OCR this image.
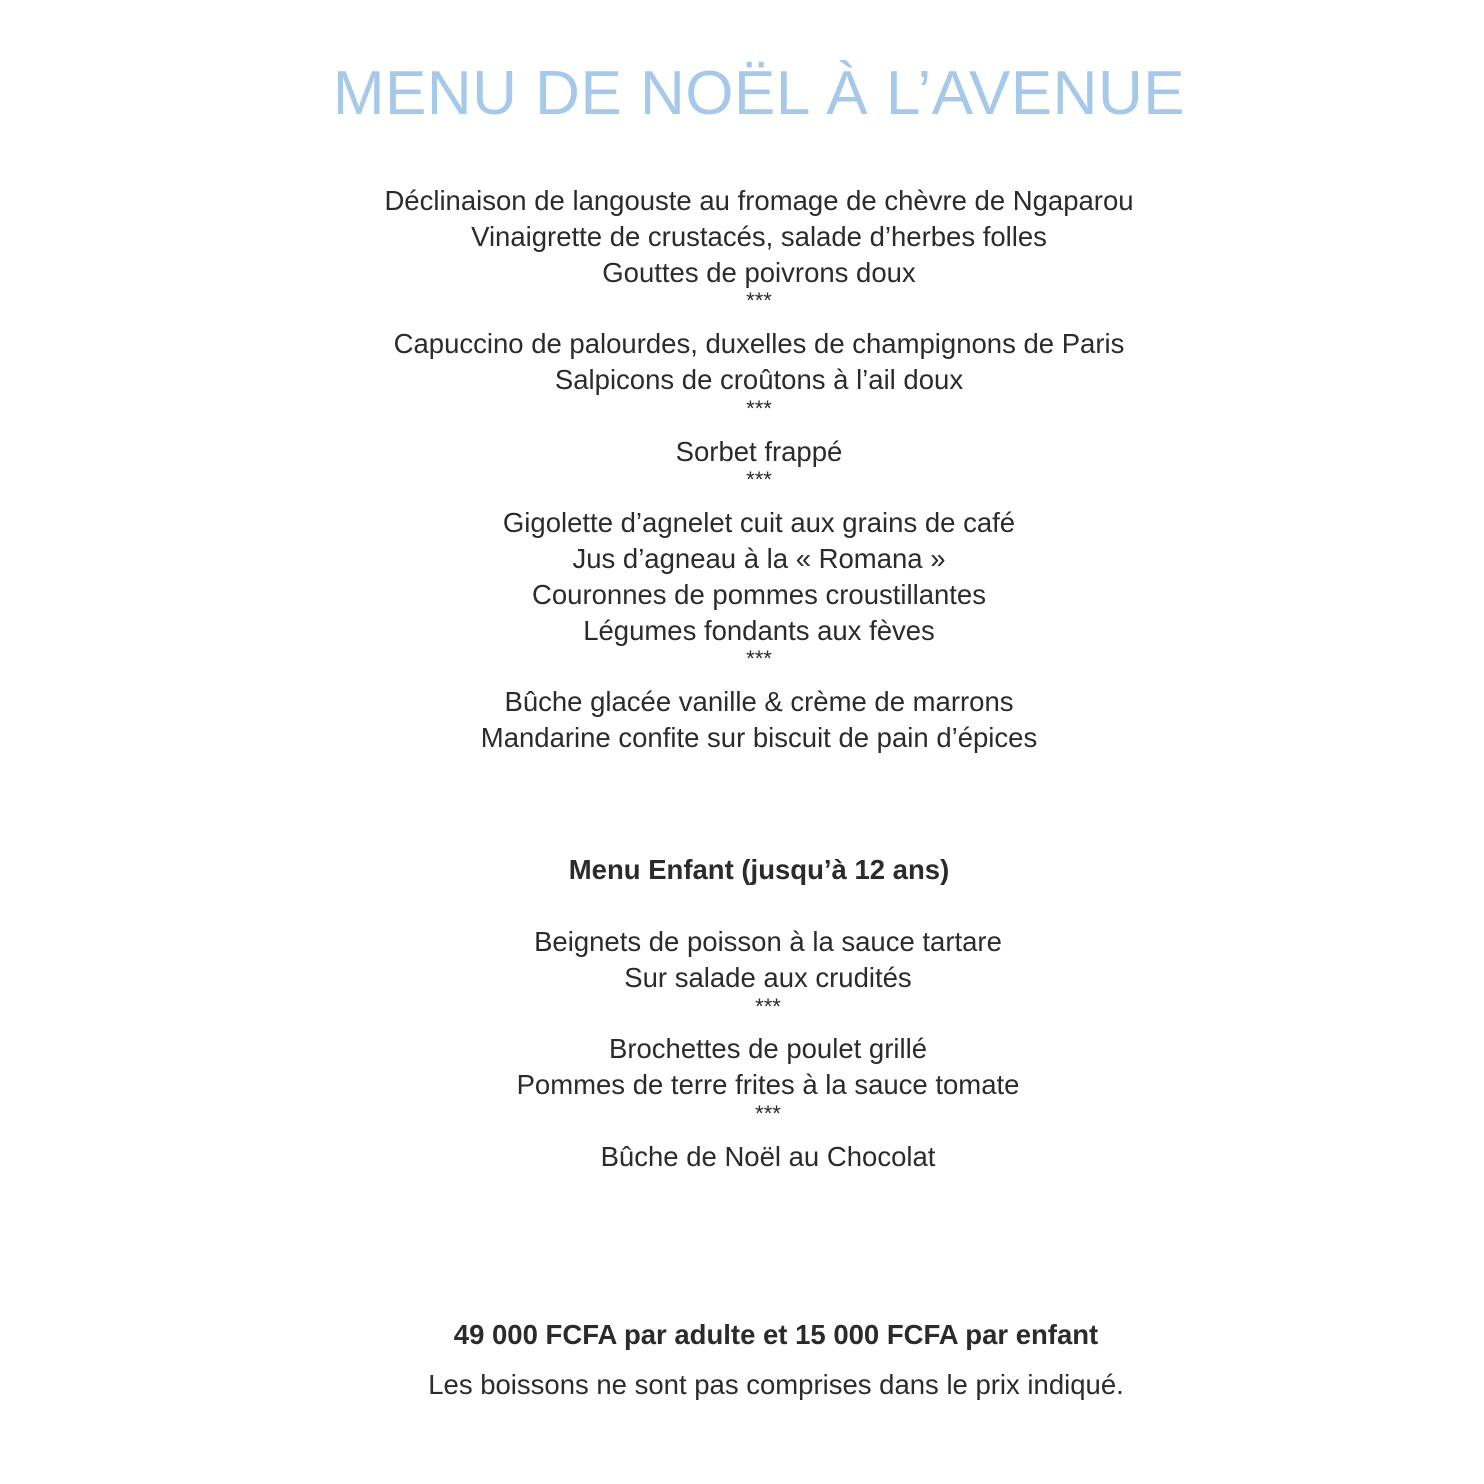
MENU DE NOËL À L’AVENUE
Déclinaison de langouste au fromage de chèvre de Ngaparou
Vinaigrette de crustacés, salade d’herbes folles
Gouttes de poivrons doux
***
Capuccino de palourdes, duxelles de champignons de Paris
Salpicons de croûtons à l’ail doux
***
Sorbet frappé
***
Gigolette d’agnelet cuit aux grains de café
Jus d’agneau à la « Romana »
Couronnes de pommes croustillantes
Légumes fondants aux fèves
***
Bûche glacée vanille & crème de marrons
Mandarine confite sur biscuit de pain d’épices
Menu Enfant (jusqu’à 12 ans)
Beignets de poisson à la sauce tartare
Sur salade aux crudités
***
Brochettes de poulet grillé
Pommes de terre frites à la sauce tomate
***
Bûche de Noël au Chocolat
49 000 FCFA par adulte et 15 000 FCFA par enfant
Les boissons ne sont pas comprises dans le prix indiqué.
